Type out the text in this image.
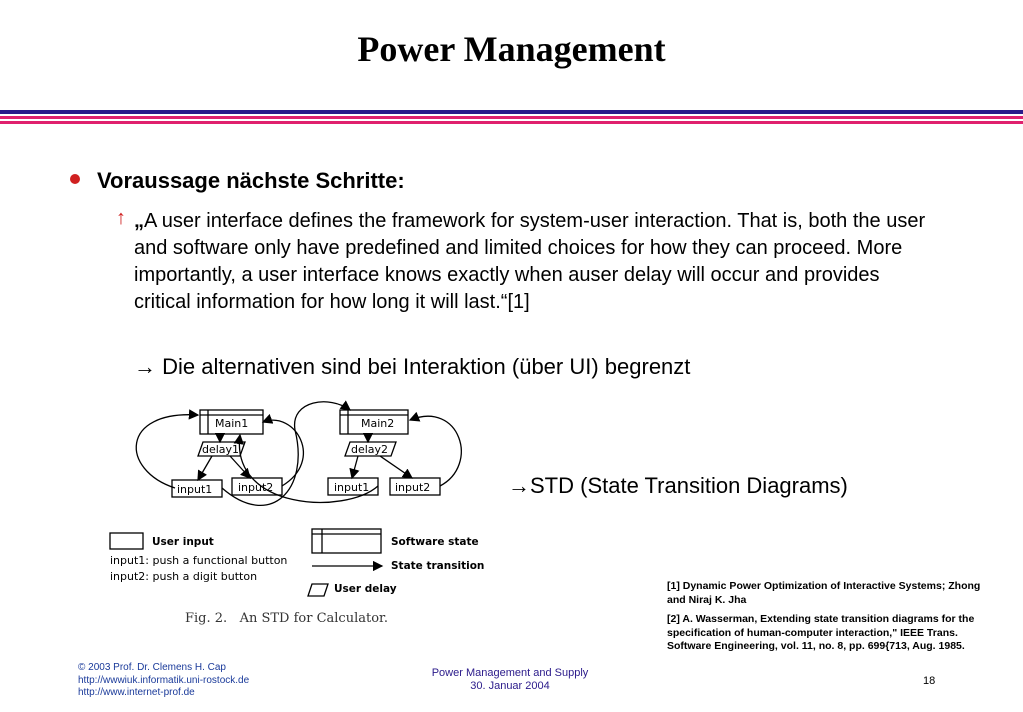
Power Management
Voraussage nächste Schritte:
↑ „A user interface defines the framework for system-user interaction. That is, both the user and software only have predefined and limited choices for how they can proceed. More importantly, a user interface knows exactly when auser delay will occur and provides critical information for how long it will last.“[1]
→ Die alternativen sind bei Interaktion (über UI) begrenzt
→STD (State Transition Diagrams)
Main1	Main2
delay1	delay2
input1 input2	input1 input2
User input	Software state
State transition
User delay
input1: push a functional button
input2: push a digit button
Fig. 2.   An STD for Calculator.

[1] Dynamic Power Optimization of Interactive Systems; Zhong and Niraj K. Jha

[2] A. Wasserman, Extending state transition diagrams for the specification of human-computer interaction," IEEE Trans. Software Engineering, vol. 11, no. 8, pp. 699{713, Aug. 1985.

© 2003 Prof. Dr. Clemens H. Cap
http://wwwiuk.informatik.uni-rostock.de
http://www.internet-prof.de
Power Management and Supply
30. Januar 2004	18
